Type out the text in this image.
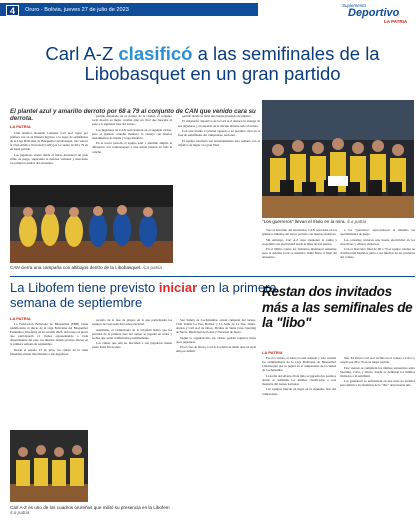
4	Oruro - Bolivia, jueves 27 de julio de 2023
Suplemento
Deportivo
LA PATRIA
Carl A-Z clasificó a las semifinales de la Libobasquet en un gran partido
El plantel azul y amarillo derrotó por 68 a 79 al conjunto de CAN que venido cara su derrota.
LA PATRIA

Club Atlético Ronaldo Lafuente Carl A-Z logró por primera vez en su historia ingresar a la etapa de semifinales de la Liga Boliviana de Básquetbol Libobasquet, tras vencer al Club Atlético Nacional (CAN) por la cuenta de 68 a 79 en un buen partido.

Los jugadores azules desde el inicio mostraron un gran ritmo de juego, superando la defensa visitante y marcando los primeros puntos del encuentro.

partido disputado en el coliseo de la ciudad, el conjunto local mostró su mejor versión ante un rival que buscaba el pase a la siguiente fase del torneo.

Los jugadores de CAN reaccionaron en el segundo cuarto, pero el quinteto orureño mantuvo la ventaja con buenos lanzamientos de media y larga distancia.

En el tercer periodo el equipo azul y amarillo amplió la diferencia con contraataques y una sólida presión en toda la cancha.

partido donde se tiene una buena presencia de público.

El entrenador deportivo de la Carl A-Z destacó la entrega de sus jugadores y el respaldo de la afición durante todo el torneo.

Con este triunfo el plantel aguarda a su próximo rival en la fase de semifinales del campeonato nacional.

El equipo retomará sus entrenamientos esta semana con el objetivo de llegar a la gran final.

CAN cierra una campaña con altibajos dentro de la Libobasquet. /La patria
"Los guerreros" llevan el título en la mira. /La patria

Tras el descanso del entrenador, CAN reaccionó en los primeros minutos del tercer periodo con buenas ofensivas.

Sin embargo, Carl A-Z supo mantener la calma y respondió con efectividad desde la línea de tres puntos.

En el último cuarto los visitantes intentaron remontar, pero la defensa local se mantuvo firme hasta el final del encuentro.

a los "guerreros" aprovecharon al máximo las oportunidades de juego.

Los orureños tuvieron una buena efectividad en los tiros libres y rebotes ofensivos.

Con el marcador final de 68 a 79 el equipo celebró su clasificación histórica junto a sus hinchas en las graderías del coliseo.

La Libofem tiene previsto iniciar en la primera semana de septiembre
LA PATRIA

La Federación Boliviana de Básquetbol (FBB) viene planificando el inicio de la Liga Boliviana del Básquetbol Femenino (Libofem), en su versión 2023, del torneo se prevé que participarán 11 clubes representando a cada departamento del país, los mismos tienen previsto iniciar en la primera semana de septiembre.

Desde el pasado 23 de julio, los clubes de la rama femenina vienen inscribiendo a sus jugadoras.

sarrollo de la fase de grupos en la que participarán los equipos de cada sede del torneo nacional.

Asimismo, el comunicado de la Libofem indica que los partidos de la primera fase del torneo se jugarán en sedes y fechas que serán confirmadas próximamente.

Los clubes que aún no inscriben a sus jugadoras tienen plazo hasta fin de mes.

San Simón de Cochabamba, actual campeón del torneo, Club Tennis La Paz, Bolívar y La Salle de La Paz, Oruro, Atenas y Carl A-Z de Oruro, Pirañas de Santa Cruz, Sparting de Sucre, Municipal de Potosí y Nacional de Sucre.

Según la organización, las clubes podrán registrar hasta doce jugadoras.

En el caso de Oruro, Carl A-Z tendrá su debut ante un rival aún por definir.

Carl A-Z es uno de los cuadros orureños que militó su presencia en la Libofem /La patria
Restan dos invitados más a las semifinales de la "libo"
LA PATRIA

En otro torneo, el santo ya está sumado y solo estarán los semifinalistas de la Liga Boliviana de Básquetbol Libobasquet que se jugará en el campeonato de la ciudad de Cochabamba.

La fecha del sábado 29 de julio se jugarán dos partidos donde se definirán los últimos clasificados a esta instancia del torneo nacional.

Los equipos buscan un lugar en la siguiente fase del campeonato.

lido. En Oruro Carl A-Z recibió en el coliseo a Calvo y venció por 68 a 79 en su mejor partido.

Este viernes se cumplirán los últimos encuentros entre Sparting, Calvo y Oruro, donde se definirán los últimos invitados a la semifinal.

Los ganadores se enfrentarán en una serie de partidos para definir a los finalistas de la "libo" del presente año.
